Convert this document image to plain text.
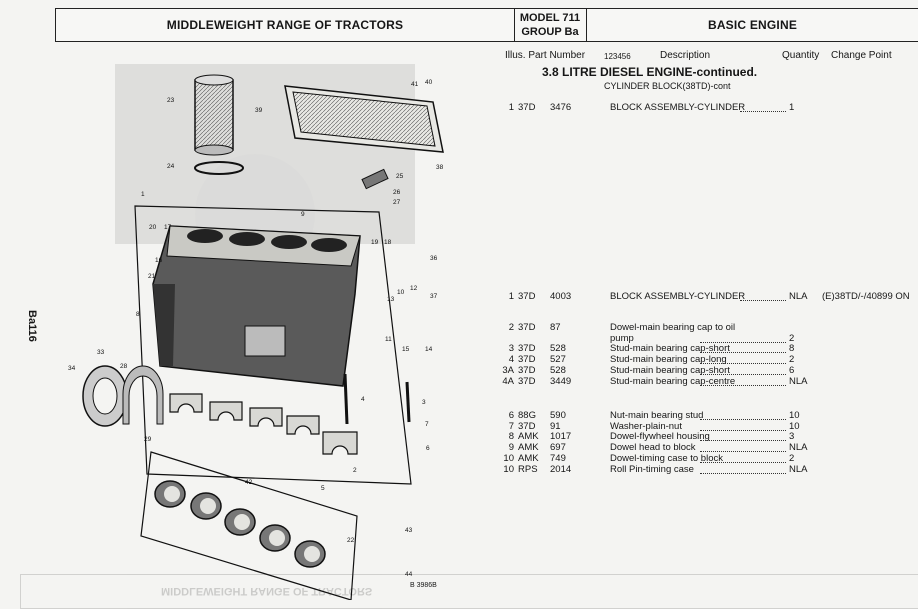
MIDDLEWEIGHT RANGE OF TRACTORS	MODEL 711
GROUP Ba	BASIC ENGINE
Illus. Part Number 123456	Description	Quantity Change Point
3.8 LITRE DIESEL ENGINE-continued.
CYLINDER BLOCK(38TD)-cont
1 37D 3476	BLOCK ASSEMBLY-CYLINDER	1
1 37D 4003	BLOCK ASSEMBLY-CYLINDER	NLA (E)38TD/-/40899 ON
2 37D 87	Dowel-main bearing cap to oil
pump	2
3 37D 528	Stud-main bearing cap-short	8
4 37D 527	Stud-main bearing cap-long	2
3A 37D 528	Stud-main bearing cap-short	6
4A 37D 3449	Stud-main bearing cap-centre	NLA
6 88G 590	Nut-main bearing stud	10
7 37D 91	Washer-plain-nut	10
8 AMK 1017	Dowel-flywheel housing	3
9 AMK 697	Dowel head to block	NLA
10 AMK 749	Dowel-timing case to block	2
10 RPS 2014	Roll Pin-timing case	NLA
Ba116
1
2
3
4
5
6
7
8
9
10
11
12
13
14
15
16
17
18
19
20
21
22
23
24
25
26
27
28
29
33
34
36
37
38
39
40
41
42
43
44
B 3986B
MIDDLEWEIGHT RANGE OF TRACTORS
